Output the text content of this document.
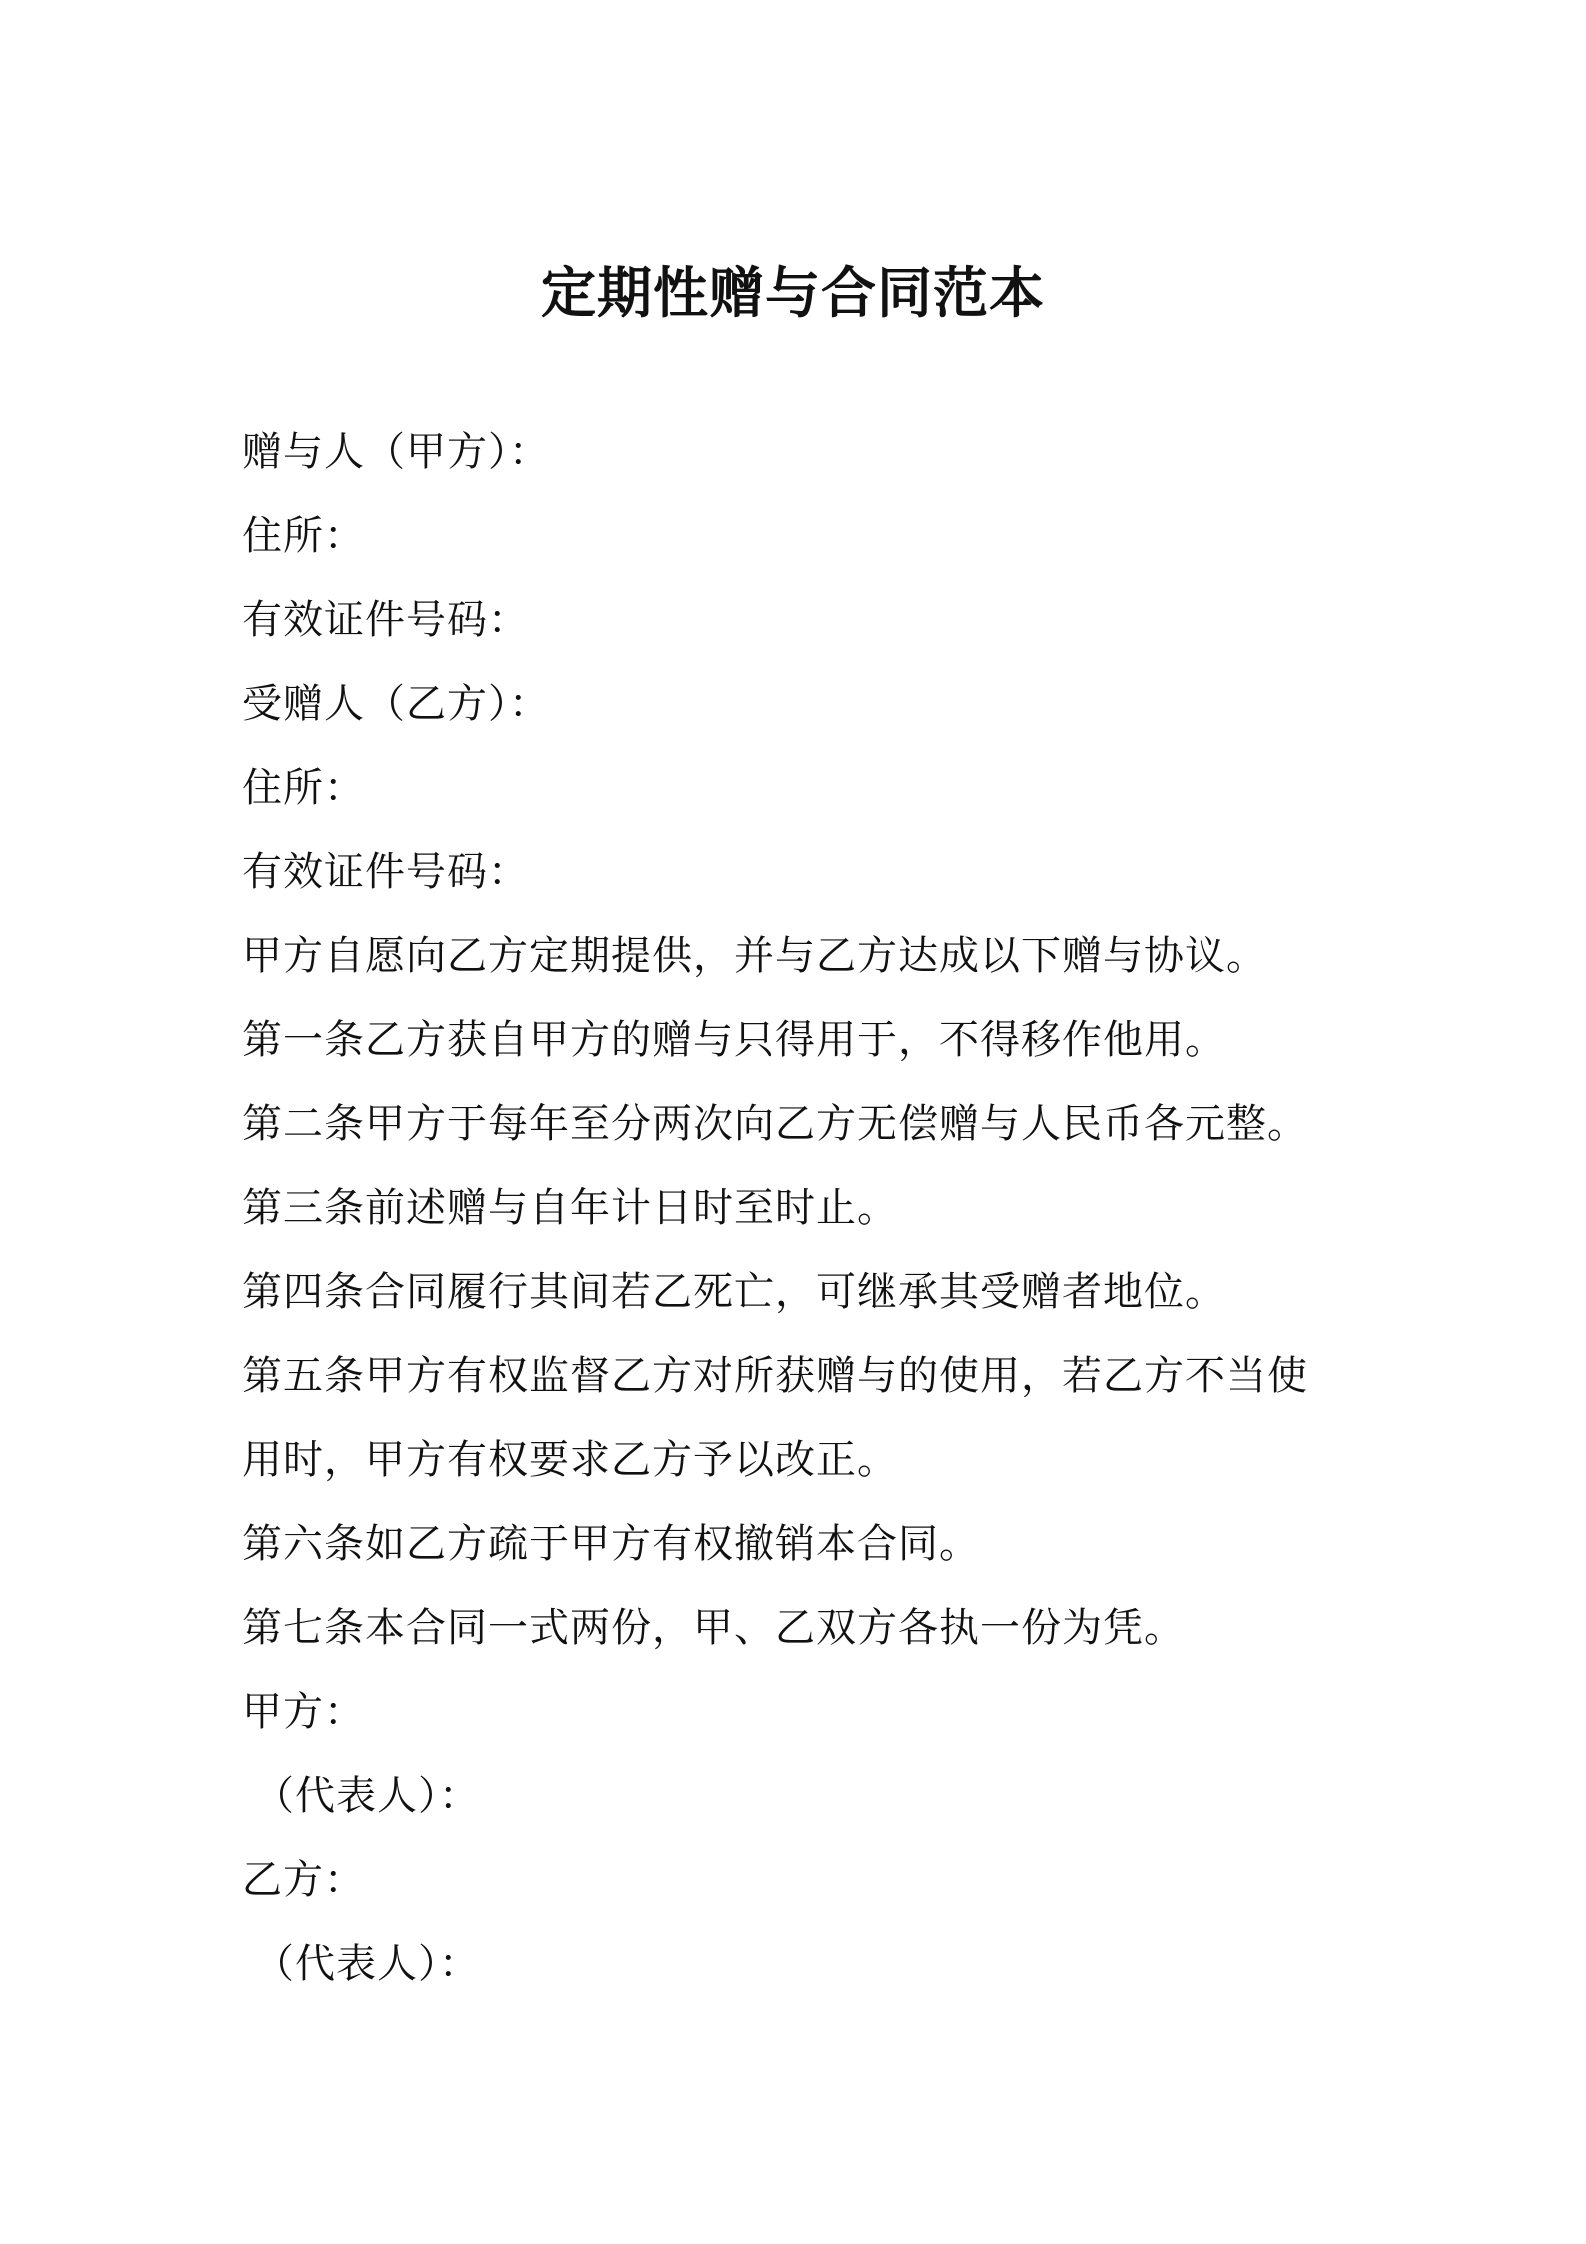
定期性赠与合同范本
赠与人（甲方）：
住所：
有效证件号码：
受赠人（乙方）：
住所：
有效证件号码：
甲方自愿向乙方定期提供，并与乙方达成以下赠与协议。
第一条乙方获自甲方的赠与只得用于，不得移作他用。
第二条甲方于每年至分两次向乙方无偿赠与人民币各元整。
第三条前述赠与自年计日时至时止。
第四条合同履行其间若乙死亡，可继承其受赠者地位。
第五条甲方有权监督乙方对所获赠与的使用，若乙方不当使
用时，甲方有权要求乙方予以改正。
第六条如乙方疏于甲方有权撤销本合同。
第七条本合同一式两份，甲、乙双方各执一份为凭。
甲方：
（代表人）：
乙方：
（代表人）：
